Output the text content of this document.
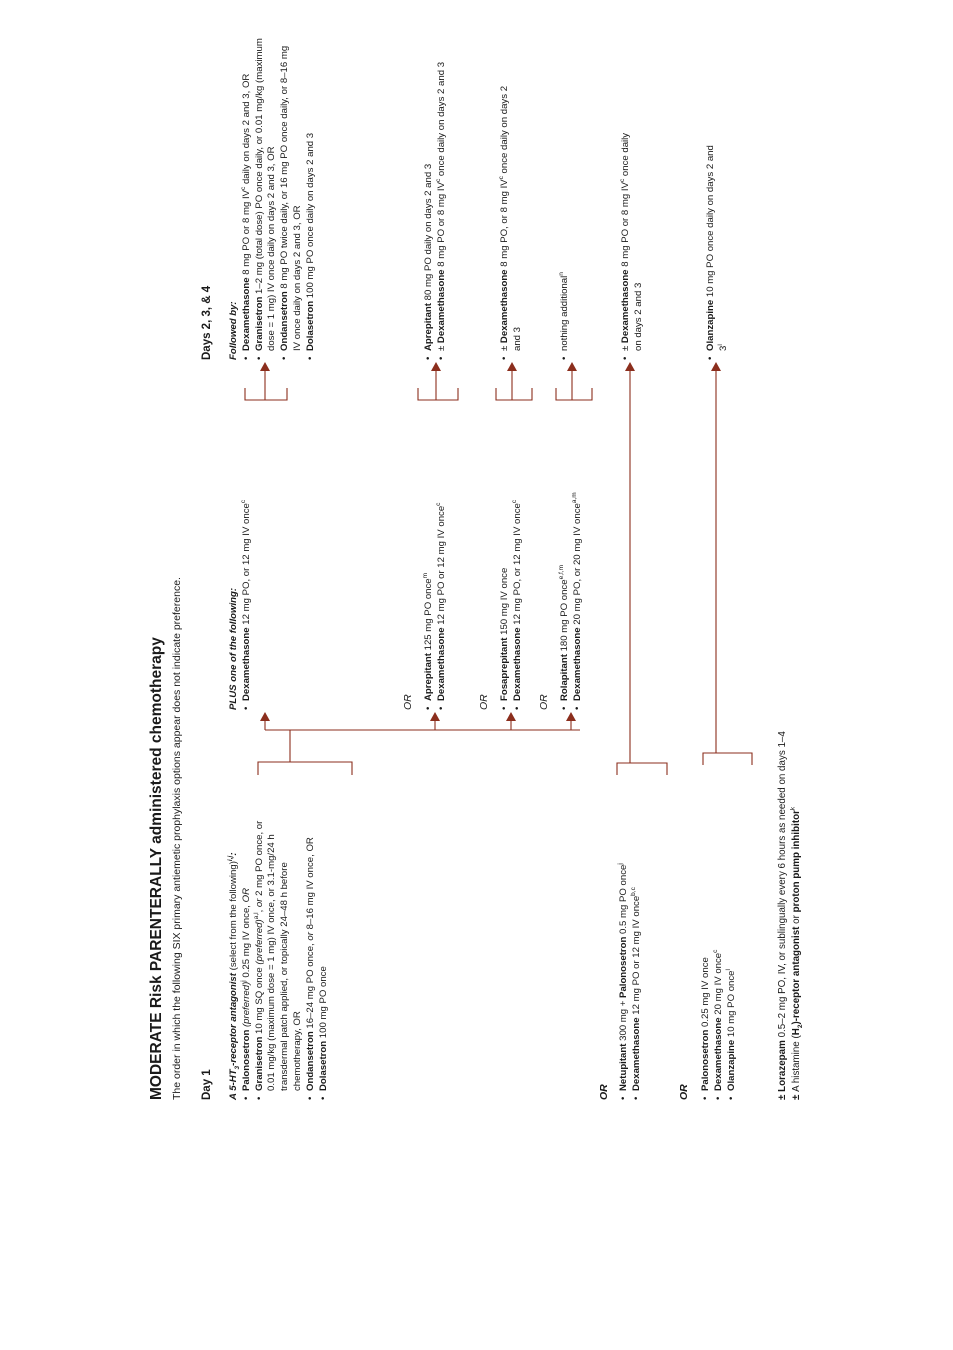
MODERATE Risk PARENTERALLY administered chemotherapy The order in which the following SIX primary antiemetic prophylaxis options appear does not indicate preference. Day 1
Days 2, 3, & 4
A $5-HT_3$-receptor antagonist (select from the following)$^{i,j}$:
• Palonosetron (preferred)$^j$ 0.25 mg IV once, OR
• Granisetron 10 mg SQ once (preferred)$^{a,l}$, or 2 mg PO once, or 0.01 mg/kg (maximum dose = 1 mg) IV once, or 3.1-mg/24 h transdermal patch applied, or topically 24–48 h before chemotherapy, OR • Ondansetron 16–24 mg PO once, or 8–16 mg IV once, OR
• Dolasetron 100 mg PO once
PLUS one of the following: • Dexamethasone 12 mg PO, or 12 mg IV once$^c$
OR
• Aprepitant 125 mg PO once$^m$
• Dexamethasone 12 mg PO or 12 mg IV once$^c$
OR
• Fosaprepitant 150 mg IV once
• Dexamethasone 12 mg PO, or 12 mg IV once$^c$
OR
• Rolapitant 180 mg PO once$^{e,f,m}$
• Dexamethasone 20 mg PO, or 20 mg IV once$^{a,m}$
OR
• Netupitant 300 mg + Palonosetron 0.5 mg PO once$^j$
• Dexamethasone 12 mg PO or 12 mg IV once$^{b,c}$
OR
• Palonosetron 0.25 mg IV once
• Dexamethasone 20 mg IV once$^c$
• Olanzapine 10 mg PO once$^l$
Followed by: • Dexamethasone 8 mg PO or 8 mg $IV^c$ daily on days 2 and 3, OR
• Granisetron 1–2 mg (total dose) PO once daily, or 0.01 mg/kg (maximum dose = 1 mg) IV once daily on days 2 and 3, OR • Ondansetron 8 mg PO twice daily, or 16 mg PO once daily, or 8–16 mg IV once daily on days 2 and 3, OR • Dolasetron 100 mg PO once daily on days 2 and 3
• Aprepitant 80 mg PO daily on days 2 and 3
• ± Dexamethasone 8 mg PO or 8 mg $IV^c$ once daily on days 2 and 3
• ± Dexamethasone 8 mg PO, or 8 mg $IV^c$ once daily on days 2 and 3	• nothing additional$^n$
• ± Dexamethasone 8 mg PO or 8 mg $IV^c$ once daily on days 2 and 3	• Olanzapine 10 mg PO once daily on days 2 and $3^l$
± Lorazepam 0.5–2 mg PO, IV, or sublingually every 6 hours as needed on days 1–4
± A histamine $(H_2)$-receptor antagonist or proton pump inhibitor$^k$
